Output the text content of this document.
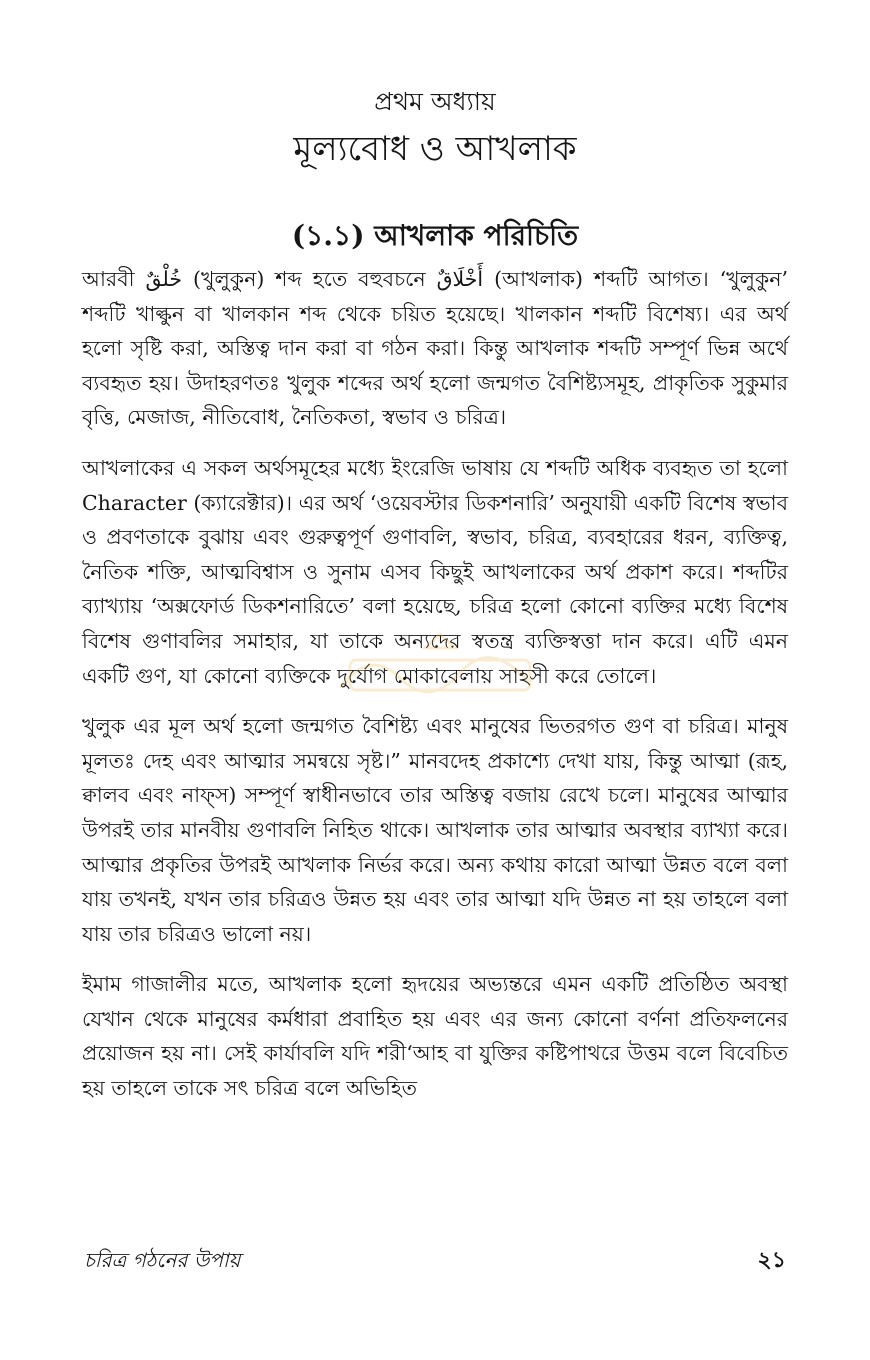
প্রথম অধ্যায়
মূল্যবোধ ও আখলাক
(১.১) আখলাক পরিচিতি

আরবী خُلْقٌ (খুলুকুন) শব্দ হতে বহুবচনে أَخْلَاقٌ (আখলাক) শব্দটি আগত। ‘খুলুকুন’ শব্দটি খাল্কুন বা খালকান শব্দ থেকে চয়িত হয়েছে। খালকান শব্দটি বিশেষ্য। এর অর্থ হলো সৃষ্টি করা, অস্তিত্ব দান করা বা গঠন করা। কিন্তু আখলাক শব্দটি সম্পূর্ণ ভিন্ন অর্থে ব্যবহৃত হয়। উদাহরণতঃ খুলুক শব্দের অর্থ হলো জন্মগত বৈশিষ্ট্যসমূহ, প্রাকৃতিক সুকুমার বৃত্তি, মেজাজ, নীতিবোধ, নৈতিকতা, স্বভাব ও চরিত্র।

আখলাকের এ সকল অর্থসমূহের মধ্যে ইংরেজি ভাষায় যে শব্দটি অধিক ব্যবহৃত তা হলো Character (ক্যারেক্টার)। এর অর্থ ‘ওয়েবস্টার ডিকশনারি’ অনুযায়ী একটি বিশেষ স্বভাব ও প্রবণতাকে বুঝায় এবং গুরুত্বপূর্ণ গুণাবলি, স্বভাব, চরিত্র, ব্যবহারের ধরন, ব্যক্তিত্ব, নৈতিক শক্তি, আত্মবিশ্বাস ও সুনাম এসব কিছুই আখলাকের অর্থ প্রকাশ করে। শব্দটির ব্যাখ্যায় ‘অক্সফোর্ড ডিকশনারিতে’ বলা হয়েছে, চরিত্র হলো কোনো ব্যক্তির মধ্যে বিশেষ বিশেষ গুণাবলির সমাহার, যা তাকে অন্যদের স্বতন্ত্র ব্যক্তিস্বত্তা দান করে। এটি এমন একটি গুণ, যা কোনো ব্যক্তিকে দুর্যোগ মোকাবেলায় সাহসী করে তোলে।

খুলুক এর মূল অর্থ হলো জন্মগত বৈশিষ্ট্য এবং মানুষের ভিতরগত গুণ বা চরিত্র। মানুষ মূলতঃ দেহ এবং আত্মার সমন্বয়ে সৃষ্ট।” মানবদেহ প্রকাশ্যে দেখা যায়, কিন্তু আত্মা (রূহ, ক্বালব এবং নাফ্স) সম্পূর্ণ স্বাধীনভাবে তার অস্তিত্ব বজায় রেখে চলে। মানুষের আত্মার উপরই তার মানবীয় গুণাবলি নিহিত থাকে। আখলাক তার আত্মার অবস্থার ব্যাখ্যা করে। আত্মার প্রকৃতির উপরই আখলাক নির্ভর করে। অন্য কথায় কারো আত্মা উন্নত বলে বলা যায় তখনই, যখন তার চরিত্রও উন্নত হয় এবং তার আত্মা যদি উন্নত না হয় তাহলে বলা যায় তার চরিত্রও ভালো নয়।

ইমাম গাজালীর মতে, আখলাক হলো হৃদয়ের অভ্যন্তরে এমন একটি প্রতিষ্ঠিত অবস্থা যেখান থেকে মানুষের কর্মধারা প্রবাহিত হয় এবং এর জন্য কোনো বর্ণনা প্রতিফলনের প্রয়োজন হয় না। সেই কার্যাবলি যদি শরী‘আহ বা যুক্তির কষ্টিপাথরে উত্তম বলে বিবেচিত হয় তাহলে তাকে সৎ চরিত্র বলে অভিহিত

চরিত্র গঠনের উপায়	২১
